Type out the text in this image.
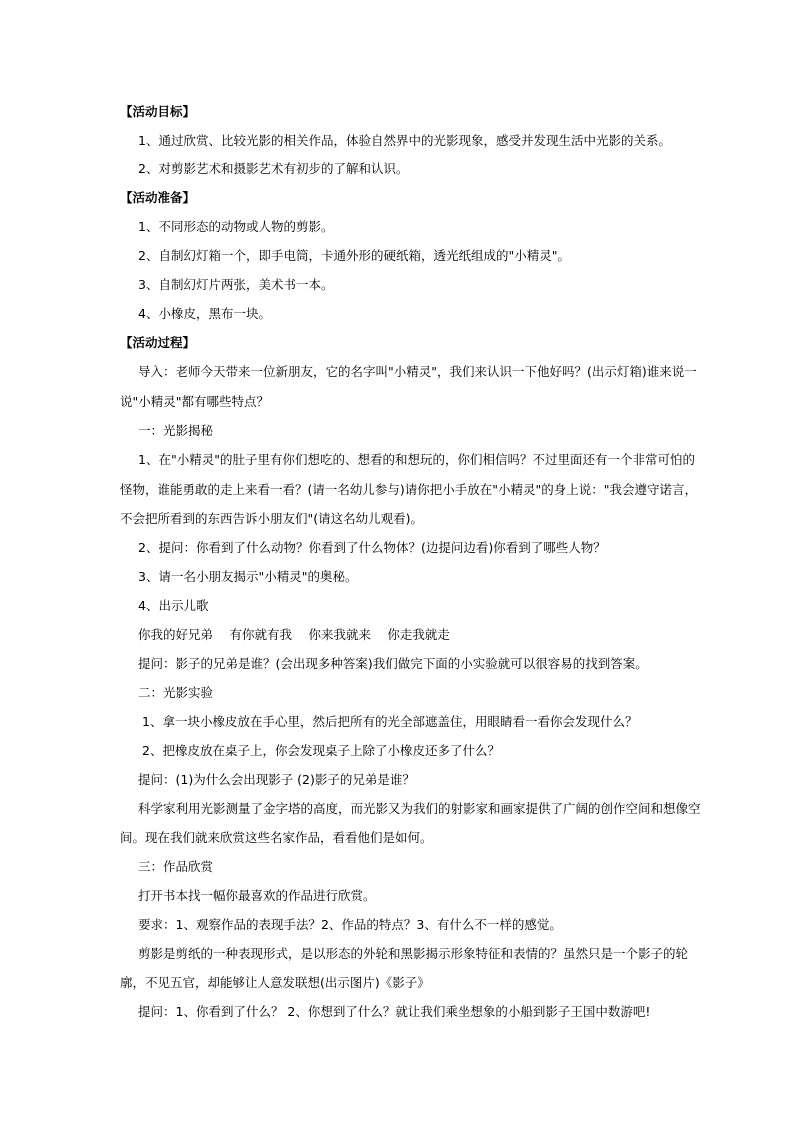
【活动目标】
1、通过欣赏、比较光影的相关作品，体验自然界中的光影现象，感受并发现生活中光影的关系。
2、对剪影艺术和摄影艺术有初步的了解和认识。
【活动准备】
1、不同形态的动物或人物的剪影。
2、自制幻灯箱一个，即手电筒，卡通外形的硬纸箱，透光纸组成的"小精灵"。
3、自制幻灯片两张，美术书一本。
4、小橡皮，黑布一块。
【活动过程】
导入：老师今天带来一位新朋友，它的名字叫"小精灵"，我们来认识一下他好吗？(出示灯箱)谁来说一
说"小精灵"都有哪些特点？
一：光影揭秘
1、在"小精灵"的肚子里有你们想吃的、想看的和想玩的，你们相信吗？不过里面还有一个非常可怕的
怪物，谁能勇敢的走上来看一看？(请一名幼儿参与)请你把小手放在"小精灵"的身上说："我会遵守诺言，
不会把所看到的东西告诉小朋友们"(请这名幼儿观看)。
2、提问：你看到了什么动物？你看到了什么物体？(边提问边看)你看到了哪些人物？
3、请一名小朋友揭示"小精灵"的奥秘。
4、出示儿歌
你我的好兄弟　 有你就有我　 你来我就来　 你走我就走
提问：影子的兄弟是谁？(会出现多种答案)我们做完下面的小实验就可以很容易的找到答案。
二：光影实验
1、拿一块小橡皮放在手心里，然后把所有的光全部遮盖住，用眼睛看一看你会发现什么？
2、把橡皮放在桌子上，你会发现桌子上除了小橡皮还多了什么？
提问：(1)为什么会出现影子 (2)影子的兄弟是谁？
科学家利用光影测量了金字塔的高度，而光影又为我们的射影家和画家提供了广阔的创作空间和想像空
间。现在我们就来欣赏这些名家作品，看看他们是如何。
三：作品欣赏
打开书本找一幅你最喜欢的作品进行欣赏。
要求：1、观察作品的表现手法？2、作品的特点？3、有什么不一样的感觉。
剪影是剪纸的一种表现形式，是以形态的外轮和黑影揭示形象特征和表情的？虽然只是一个影子的轮
廓，不见五官，却能够让人意发联想(出示图片)《影子》
提问：1、你看到了什么？ 2、你想到了什么？就让我们乘坐想象的小船到影子王国中数游吧!
